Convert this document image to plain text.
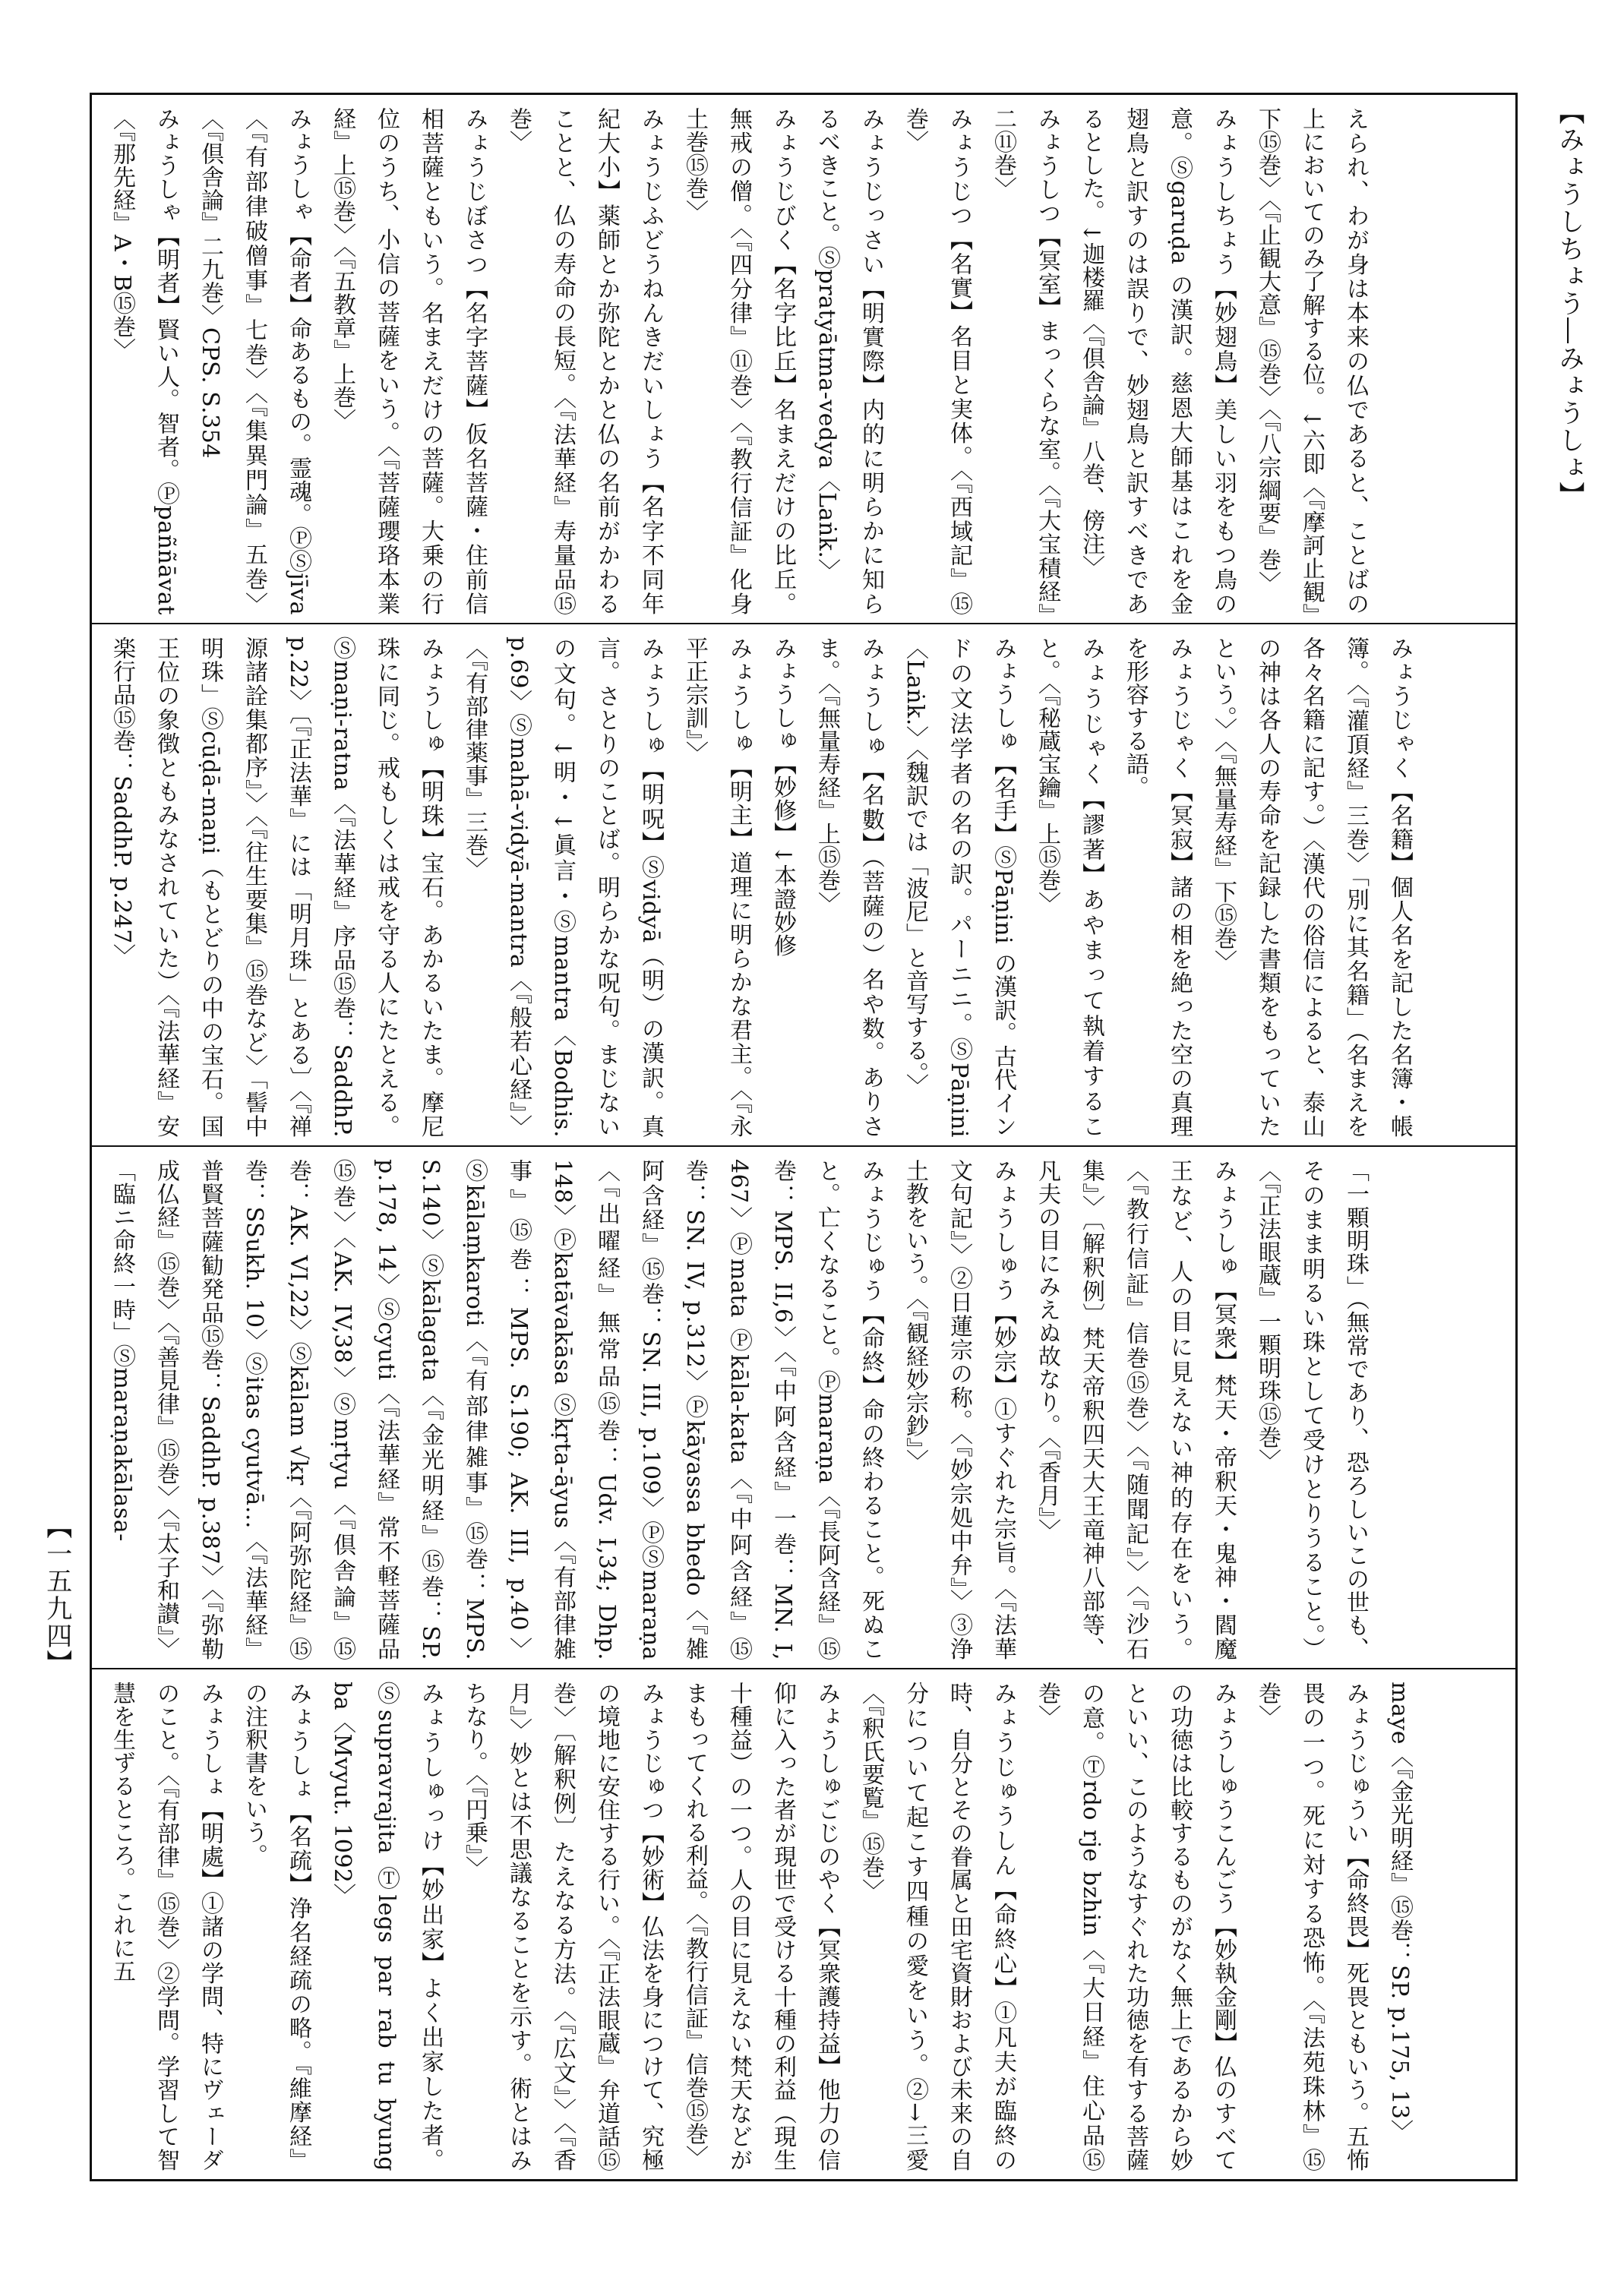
【みょうしちょう―みょうしょ】
【一五九四】
えられ、わが身は本来の仏であると、ことばの上においてのみ了解する位。↓六即〈『摩訶止観』下⑮巻〉〈『止観大意』⑮巻〉〈『八宗綱要』巻〉
みょうしちょう【妙翅鳥】美しい羽をもつ鳥の意。Ⓢgaruḍa の漢訳。慈恩大師基はこれを金翅鳥と訳すのは誤りで、妙翅鳥と訳すべきであるとした。↓迦楼羅〈『倶舎論』八巻、傍注〉
みょうしつ【冥室】まっくらな室。〈『大宝積経』二⑪巻〉
みょうじつ【名實】名目と実体。〈『西域記』⑮巻〉
みょうじっさい【明實際】内的に明らかに知らるべきこと。Ⓢpratyātma-vedya〈Laṅk.〉
みょうじびく【名字比丘】名まえだけの比丘。無戒の僧。〈『四分律』⑪巻〉〈『教行信証』化身土巻⑮巻〉
みょうじふどうねんきだいしょう【名字不同年紀大小】薬師とか弥陀とかと仏の名前がかわることと、仏の寿命の長短。〈『法華経』寿量品⑮巻〉
みょうじぼさつ【名字菩薩】仮名菩薩・住前信相菩薩ともいう。名まえだけの菩薩。大乗の行位のうち、小信の菩薩をいう。〈『菩薩瓔珞本業経』上⑮巻〉〈『五教章』上巻〉
みょうしゃ【命者】命あるもの。霊魂。ⓅⓈjīva〈『有部律破僧事』七巻〉〈『集異門論』五巻〉〈『倶舎論』二九巻〉CPS. S.354
みょうしゃ【明者】賢い人。智者。Ⓟpaññāvat〈『那先経』A・B⑮巻〉
みょうじゃく【名籍】個人名を記した名簿・帳簿。〈『灌頂経』三巻〉「別に其名籍」（名まえを各々名籍に記す。）〈漢代の俗信によると、泰山の神は各人の寿命を記録した書類をもっていたという。〉〈『無量寿経』下⑮巻〉
みょうじゃく【冥寂】諸の相を絶った空の真理を形容する語。
みょうじゃく【謬著】あやまって執着すること。〈『秘蔵宝鑰』上⑮巻〉
みょうしゅ【名手】ⓈPāṇini の漢訳。古代インドの文法学者の名の訳。パーニニ。ⓈPāṇini〈Laṅk.〉〈魏訳では「波尼」と音写する。〉
みょうしゅ【名數】（菩薩の）名や数。ありさま。〈『無量寿経』上⑮巻〉
みょうしゅ【妙修】↓本證妙修
みょうしゅ【明主】道理に明らかな君主。〈『永平正宗訓』〉
みょうしゅ【明呪】Ⓢvidyā（明）の漢訳。真言。さとりのことば。明らかな呪句。まじないの文句。↓明・↓眞言・Ⓢmantra〈Bodhis. p.69〉Ⓢmahā-vidyā-mantra〈『般若心経』〉〈『有部律薬事』三巻〉
みょうしゅ【明珠】宝石。あかるいたま。摩尼珠に同じ。戒もしくは戒を守る人にたとえる。Ⓢmaṇi-ratna〈『法華経』序品⑮巻：SaddhP. p.22〉〔『正法華』には「明月珠」とある〕〈『禅源諸詮集都序』〉〈『往生要集』⑮巻など〉「髻中明珠」Ⓢcūḍā-maṇi（もとどりの中の宝石。国王位の象徴ともみなされていた）〈『法華経』安楽行品⑮巻：SaddhP. p.247〉
「一顆明珠」（無常であり、恐ろしいこの世も、そのまま明るい珠として受けとりうること。）〈『正法眼蔵』一顆明珠⑮巻〉
みょうしゅ【冥衆】梵天・帝釈天・鬼神・閻魔王など、人の目に見えない神的存在をいう。〈『教行信証』信巻⑮巻〉〈『随聞記』〉〈『沙石集』〉〔解釈例〕梵天帝釈四天大王竜神八部等、凡夫の目にみえぬ故なり。〈『香月』〉
みょうしゅう【妙宗】①すぐれた宗旨。〈『法華文句記』〉②日蓮宗の称。〈『妙宗処中弁』〉③浄土教をいう。〈『観経妙宗鈔』〉
みょうじゅう【命終】命の終わること。死ぬこと。亡くなること。Ⓟmaraṇa〈『長阿含経』⑮巻：MPS. II,6〉〈『中阿含経』一巻：MN. I, 467〉Ⓟmata Ⓟkāla-kata〈『中阿含経』⑮巻：SN. IV, p.312〉Ⓟkāyassa bhedo〈『雑阿含経』⑮巻：SN. III, p.109〉ⓅⓈmaraṇa〈『出曜経』無常品⑮巻：Udv. I,34; Dhp. 148〉Ⓟkatāvakāsa Ⓢkṛta-āyus〈『有部律雑事』⑮巻：MPS. S.190; AK. III, p.40〉Ⓢkālaṃkaroti〈『有部律雑事』⑮巻：MPS. S.140〉Ⓢkālagata〈『金光明経』⑮巻：SP. p.178, 14〉Ⓢcyuti〈『法華経』常不軽菩薩品⑮巻〉〈AK. IV,38〉Ⓢmṛtyu〈『倶舎論』⑮巻：AK. VI,22〉Ⓢkālam √kṛ〈『阿弥陀経』⑮巻：SSukh. 10〉Ⓢitas cyutvā…〈『法華経』普賢菩薩勧発品⑮巻：SaddhP. p.387〉〈『弥勒成仏経』⑮巻〉〈『善見律』⑮巻〉〈『太子和讃』〉「臨ニ命終一時」Ⓢmaraṇakālasa-
maye〈『金光明経』⑮巻：SP. p.175, 13〉
みょうじゅうい【命終畏】死畏ともいう。五怖畏の一つ。死に対する恐怖。〈『法苑珠林』⑮巻〉
みょうしゅうこんごう【妙執金剛】仏のすべての功徳は比較するものがなく無上であるから妙といい、このようなすぐれた功徳を有する菩薩の意。Ⓣrdo rje bzhin〈『大日経』住心品⑮巻〉
みょうじゅうしん【命終心】①凡夫が臨終の時、自分とその眷属と田宅資財および未来の自分について起こす四種の愛をいう。②→三愛〈『釈氏要覧』⑮巻〉
みょうしゅごじのやく【冥衆護持益】他力の信仰に入った者が現世で受ける十種の利益（現生十種益）の一つ。人の目に見えない梵天などがまもってくれる利益。〈『教行信証』信巻⑮巻〉
みょうじゅつ【妙術】仏法を身につけて、究極の境地に安住する行い。〈『正法眼蔵』弁道話⑮巻〉〔解釈例〕たえなる方法。〈『広文』〉〈『香月』〉妙とは不思議なることを示す。術とはみちなり。〈『円乗』〉
みょうしゅっけ【妙出家】よく出家した者。Ⓢsupravrajita Ⓣlegs par rab tu byung ba〈Mvyut. 1092〉
みょうしょ【名疏】浄名経疏の略。『維摩経』の注釈書をいう。
みょうしょ【明處】①諸の学問、特にヴェーダのこと。〈『有部律』⑮巻〉②学問。学習して智慧を生ずるところ。これに五
